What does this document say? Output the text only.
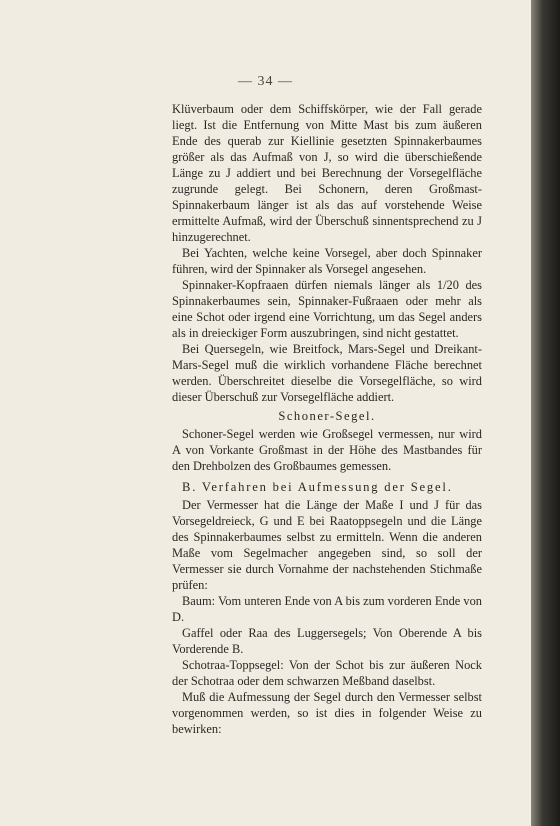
— 34 —

Klüverbaum oder dem Schiffskörper, wie der Fall gerade liegt. Ist die Entfernung von Mitte Mast bis zum äußeren Ende des querab zur Kiellinie gesetzten Spinnakerbaumes größer als das Aufmaß von J, so wird die überschießende Länge zu J addiert und bei Berechnung der Vorsegelfläche zugrunde gelegt. Bei Schonern, deren Großmast-Spinnakerbaum länger ist als das auf vorstehende Weise ermittelte Aufmaß, wird der Überschuß sinnentsprechend zu J hinzugerechnet.

Bei Yachten, welche keine Vorsegel, aber doch Spinnaker führen, wird der Spinnaker als Vorsegel angesehen.

Spinnaker-Kopfraaen dürfen niemals länger als 1/20 des Spinnakerbaumes sein, Spinnaker-Fußraaen oder mehr als eine Schot oder irgend eine Vorrichtung, um das Segel anders als in dreieckiger Form auszubringen, sind nicht gestattet.

Bei Quersegeln, wie Breitfock, Mars-Segel und Dreikant-Mars-Segel muß die wirklich vorhandene Fläche berechnet werden. Überschreitet dieselbe die Vorsegelfläche, so wird dieser Überschuß zur Vorsegelfläche addiert.

Schoner-Segel.

Schoner-Segel werden wie Großsegel vermessen, nur wird A von Vorkante Großmast in der Höhe des Mastbandes für den Drehbolzen des Großbaumes gemessen.

B. Verfahren bei Aufmessung der Segel.

Der Vermesser hat die Länge der Maße I und J für das Vorsegeldreieck, G und E bei Raatoppsegeln und die Länge des Spinnakerbaumes selbst zu ermitteln. Wenn die anderen Maße vom Segelmacher angegeben sind, so soll der Vermesser sie durch Vornahme der nachstehenden Stichmaße prüfen:

Baum: Vom unteren Ende von A bis zum vorderen Ende von D.

Gaffel oder Raa des Luggersegels; Von Oberende A bis Vorderende B.

Schotraa-Toppsegel: Von der Schot bis zur äußeren Nock der Schotraa oder dem schwarzen Meßband daselbst.

Muß die Aufmessung der Segel durch den Vermesser selbst vorgenommen werden, so ist dies in folgender Weise zu bewirken:
